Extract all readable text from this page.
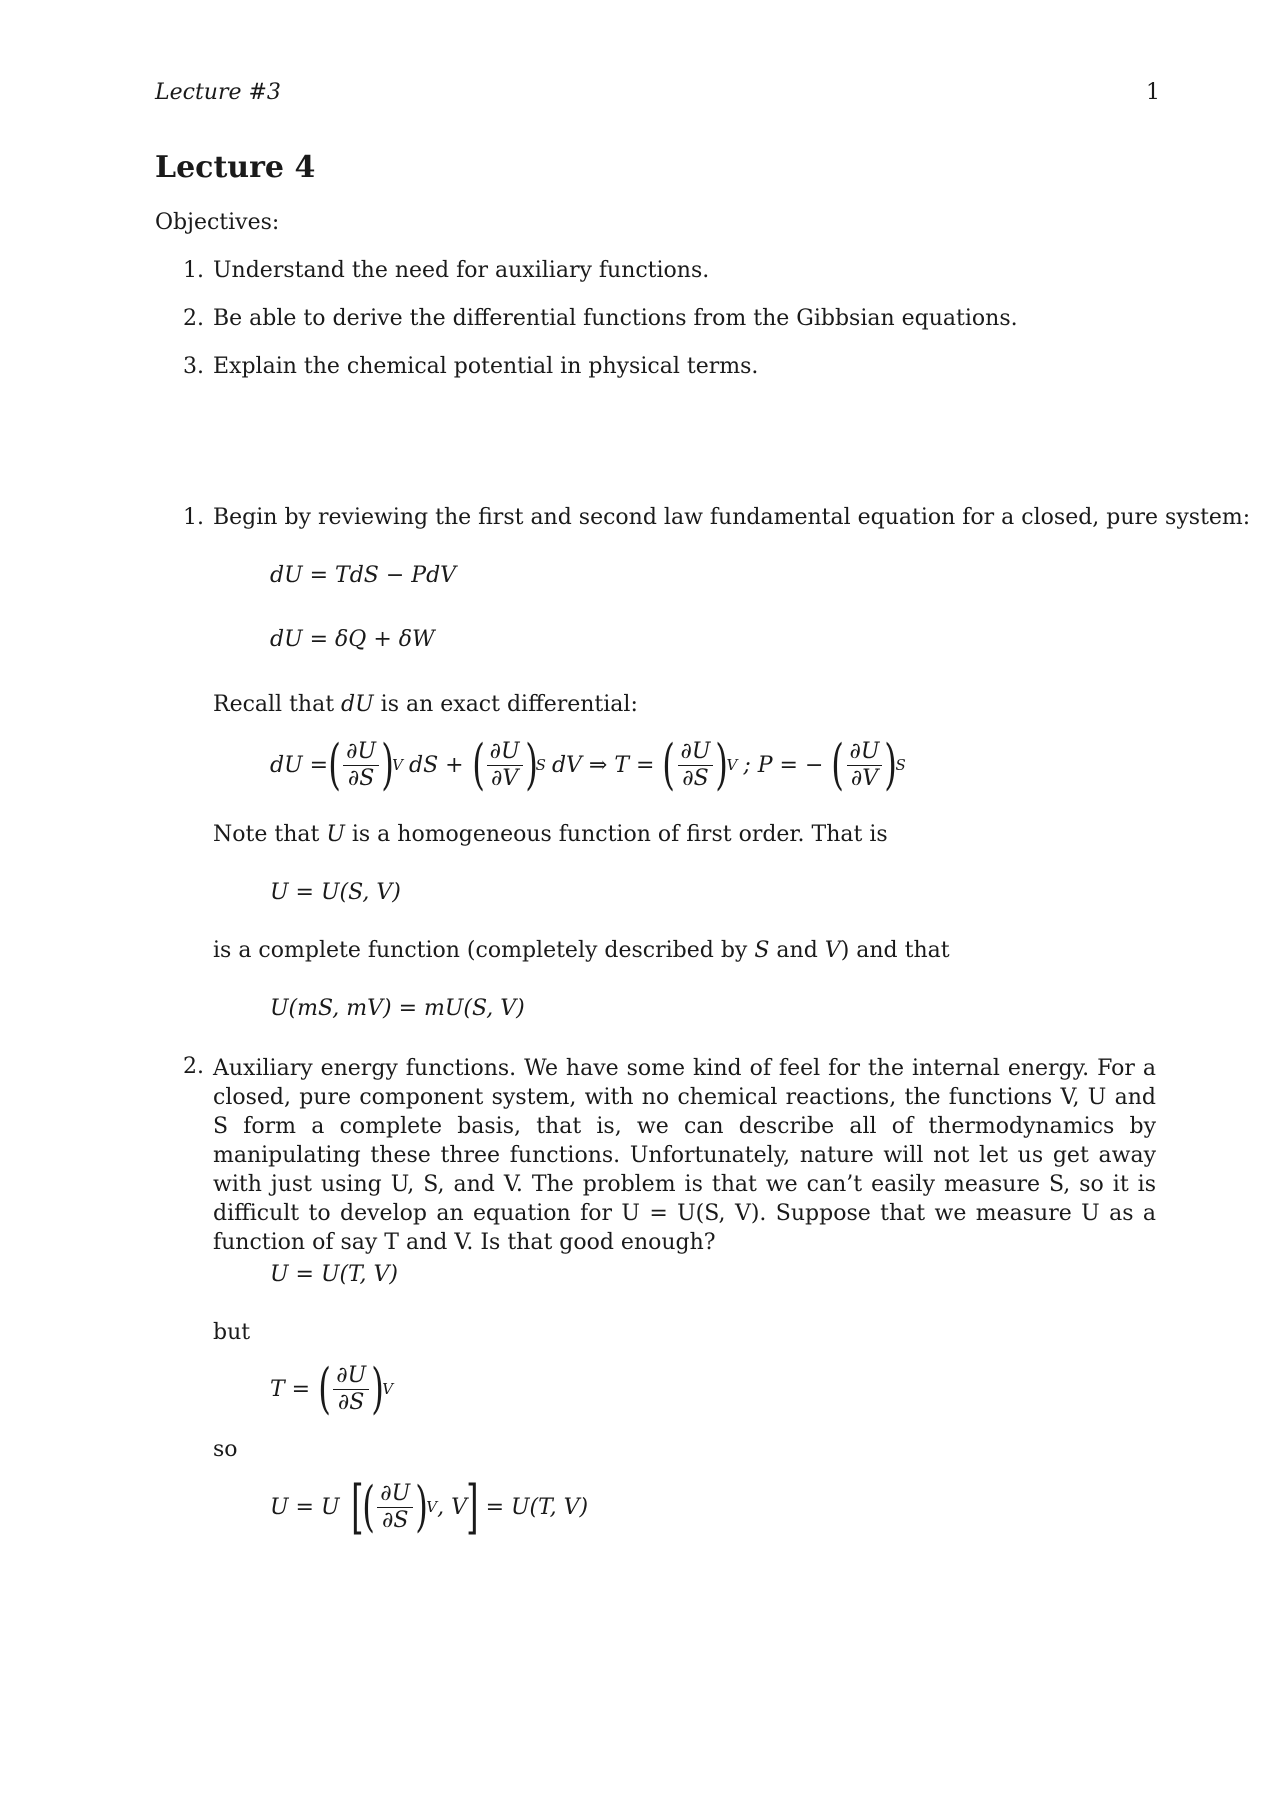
Lecture #3	1
Lecture 4
Objectives:
1. Understand the need for auxiliary functions.
2. Be able to derive the differential functions from the Gibbsian equations.
3. Explain the chemical potential in physical terms.
1. Begin by reviewing the first and second law fundamental equation for a closed, pure system:
dU = TdS − PdV
dU = δQ + δW
Recall that dU is an exact differential:
dU = ( $\frac{\partial U}{\partial S}$ )
V dS + ( $\frac{\partial U}{\partial V}$ )
S dV ⇒ T = ( $\frac{\partial U}{\partial S}$ )
V ; P = − ( $\frac{\partial U}{\partial V}$ )
S
Note that U is a homogeneous function of first order. That is
U = U(S, V)
is a complete function (completely described by S and V) and that
U(mS, mV) = mU(S, V)
2. Auxiliary energy functions. We have some kind of feel for the internal energy. For a closed, pure component system, with no chemical reactions, the functions V, U and S form a complete basis, that is, we can describe all of thermodynamics by manipulating these three functions. Unfortunately, nature will not let us get away with just using U, S, and V. The problem is that we can’t easily measure S, so it is difficult to develop an equation for U = U(S, V). Suppose that we measure U as a function of say T and V. Is that good enough?
U = U(T, V)
but
T = ( $\frac{\partial U}{\partial S}$ )
V
so
U = U [ ( $\frac{\partial U}{\partial S}$ )
V , V ] = U(T, V)
